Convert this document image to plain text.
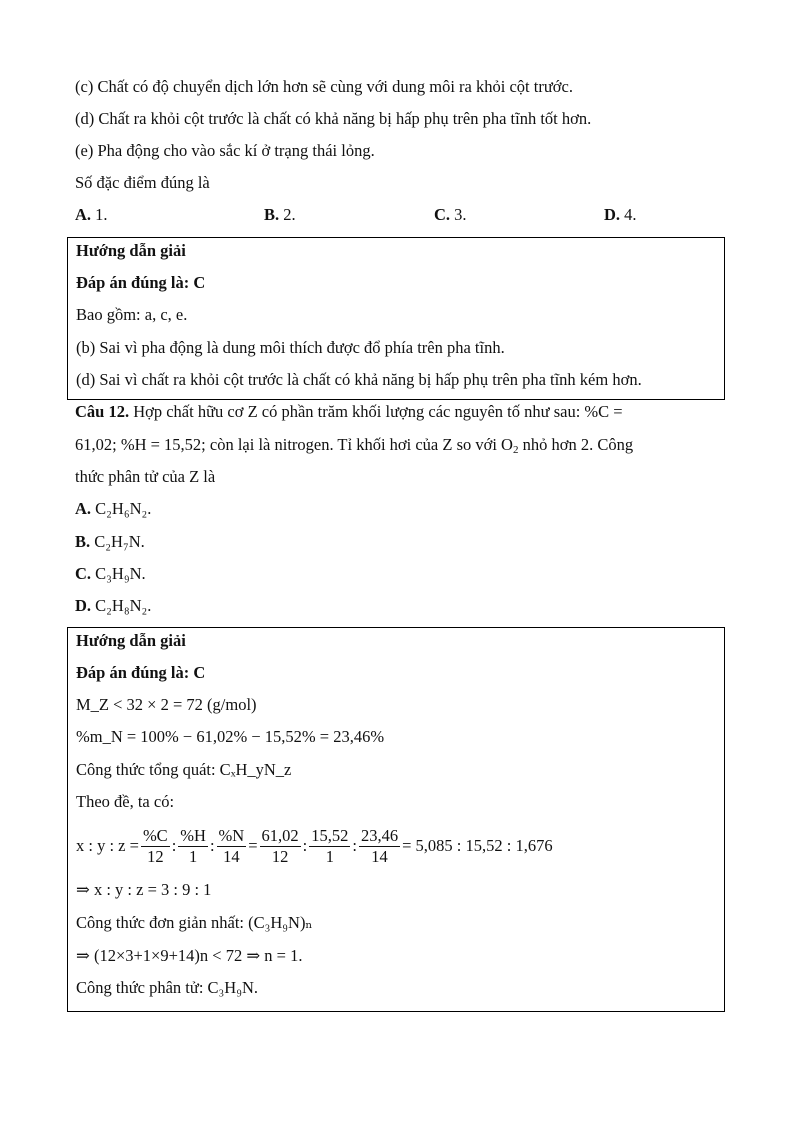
(c) Chất có độ chuyển dịch lớn hơn sẽ cùng với dung môi ra khỏi cột trước.
(d) Chất ra khỏi cột trước là chất có khả năng bị hấp phụ trên pha tĩnh tốt hơn.
(e) Pha động cho vào sắc kí ở trạng thái lỏng.
Số đặc điểm đúng là
A. 1.	B. 2.	C. 3.	D. 4.
Hướng dẫn giải
Đáp án đúng là: C
Bao gồm: a, c, e.
(b) Sai vì pha động là dung môi thích được đổ phía trên pha tĩnh.
(d) Sai vì chất ra khỏi cột trước là chất có khả năng bị hấp phụ trên pha tĩnh kém hơn.
Câu 12. Hợp chất hữu cơ Z có phần trăm khối lượng các nguyên tố như sau: %C =
61,02; %H = 15,52; còn lại là nitrogen. Tỉ khối hơi của Z so với $O_2$ nhỏ hơn 2. Công
thức phân tử của Z là
A. C₂H₆N₂.
B. C₂H₇N.
C. C₃H₉N.
D. C₂H₈N₂.
Hướng dẫn giải
Đáp án đúng là: C
M_Z < 32 × 2 = 72 (g/mol)
%m_N = 100% − 61,02% − 15,52% = 23,46%
Công thức tổng quát: CₓH_yN_z
Theo đề, ta có:
x : y : $z = \frac{\%C}{12}$ : $\frac{\%H}{1}$ : $\frac{\%N}{14} = \frac{61,02}{12}$ : $\frac{15,52}{1}$ : $\frac{23,46}{14} = 5,085$ : 15,52 : 1,676
⇒ x : y : z = 3 : 9 : 1
Công thức đơn giản nhất: (C₃H₉N)ₙ
⇒ (12×3+1×9+14)n < 72 ⇒ n = 1.
Công thức phân tử: C₃H₉N.
